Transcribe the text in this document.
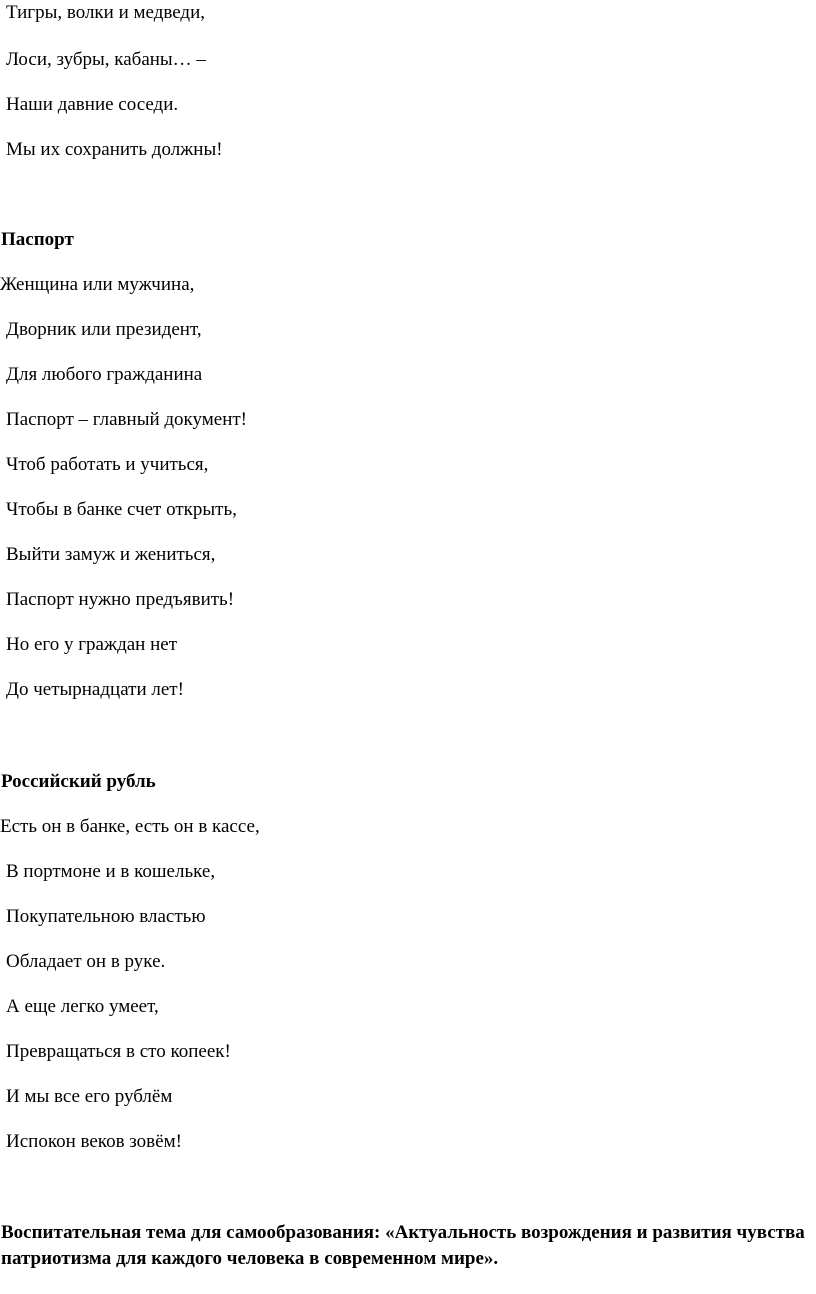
Тигры, волки и медведи,
Лоси, зубры, кабаны… –
Наши давние соседи.
Мы их сохранить должны!
Паспорт
Женщина или мужчина,
Дворник или президент,
Для любого гражданина
Паспорт – главный документ!
Чтоб работать и учиться,
Чтобы в банке счет открыть,
Выйти замуж и жениться,
Паспорт нужно предъявить!
Но его у граждан нет
До четырнадцати лет!
Российский рубль
Есть он в банке, есть он в кассе,
В портмоне и в кошельке,
Покупательною властью
Обладает он в руке.
А еще легко умеет,
Превращаться в сто копеек!
И мы все его рублём
Испокон веков зовём!
Воспитательная тема для самообразования: «Актуальность возрождения и развития чувства патриотизма для каждого человека в современном мире».
